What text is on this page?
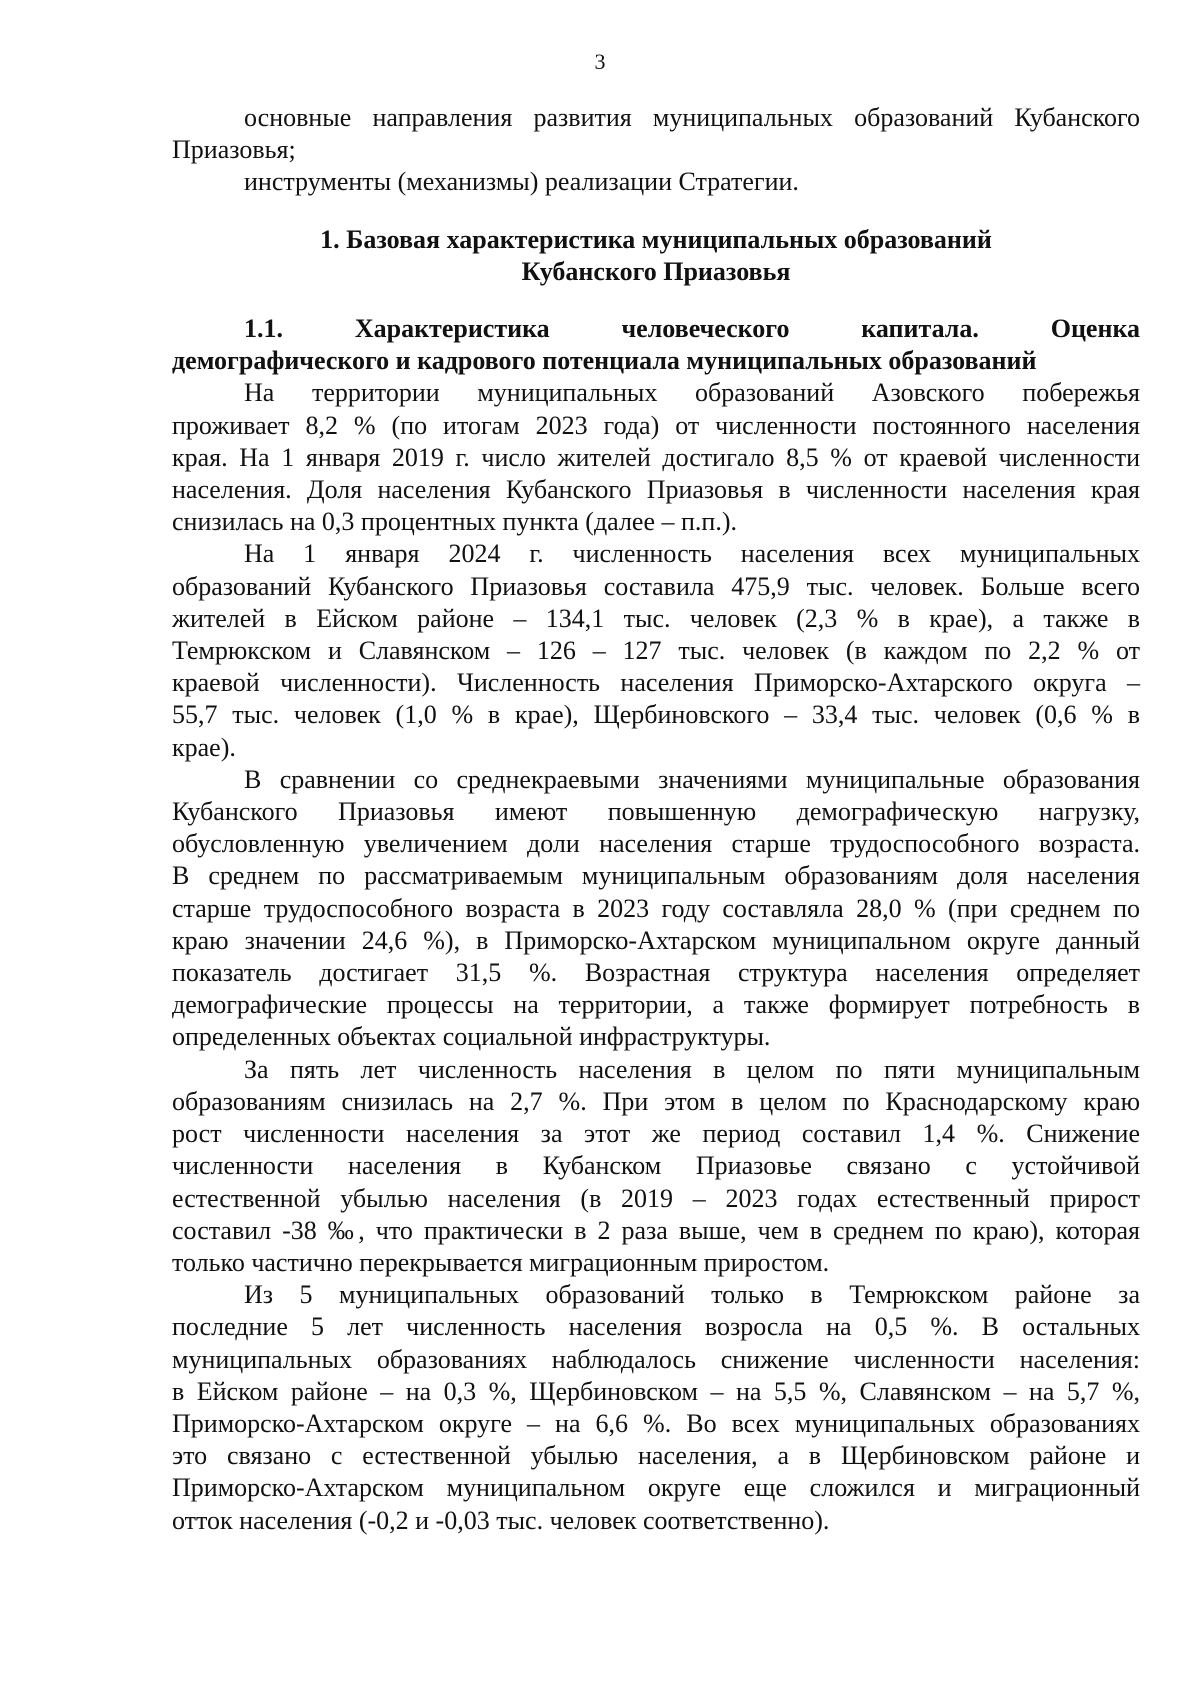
3
основные направления развития муниципальных образований Кубанского
Приазовья;
инструменты (механизмы) реализации Стратегии.
1. Базовая характеристика муниципальных образований
Кубанского Приазовья
1.1.	Характеристика	человеческого	капитала.	Оценка
демографического и кадрового потенциала муниципальных образований
На территории муниципальных образований Азовского побережья
проживает 8,2 % (по итогам 2023 года) от численности постоянного населения
края. На 1 января 2019 г. число жителей достигало 8,5 % от краевой численности
населения. Доля населения Кубанского Приазовья в численности населения края
снизилась на 0,3 процентных пункта (далее – п.п.).
На 1 января 2024 г. численность населения всех муниципальных
образований Кубанского Приазовья составила 475,9 тыс. человек. Больше всего
жителей в Ейском районе – 134,1 тыс. человек (2,3 % в крае), а также в
Темрюкском и Славянском – 126 – 127 тыс. человек (в каждом по 2,2 % от
краевой численности). Численность населения Приморско-Ахтарского округа –
55,7 тыс. человек (1,0 % в крае), Щербиновского – 33,4 тыс. человек (0,6 % в
крае).
В сравнении со среднекраевыми значениями муниципальные образования
Кубанского Приазовья имеют повышенную демографическую нагрузку,
обусловленную увеличением доли населения старше трудоспособного возраста.
В среднем по рассматриваемым муниципальным образованиям доля населения
старше трудоспособного возраста в 2023 году составляла 28,0 % (при среднем по
краю значении 24,6 %), в Приморско-Ахтарском муниципальном округе данный
показатель достигает 31,5 %. Возрастная структура населения определяет
демографические процессы на территории, а также формирует потребность в
определенных объектах социальной инфраструктуры.
За пять лет численность населения в целом по пяти муниципальным
образованиям снизилась на 2,7 %. При этом в целом по Краснодарскому краю
рост численности населения за этот же период составил 1,4 %. Снижение
численности населения в Кубанском Приазовье связано с устойчивой
естественной убылью населения (в 2019 – 2023 годах естественный прирост
составил -38 ‰, что практически в 2 раза выше, чем в среднем по краю), которая
только частично перекрывается миграционным приростом.
Из 5 муниципальных образований только в Темрюкском районе за
последние 5 лет численность населения возросла на 0,5 %. В остальных
муниципальных образованиях наблюдалось снижение численности населения:
в Ейском районе – на 0,3 %, Щербиновском – на 5,5 %, Славянском – на 5,7 %,
Приморско-Ахтарском округе – на 6,6 %. Во всех муниципальных образованиях
это связано с естественной убылью населения, а в Щербиновском районе и
Приморско-Ахтарском муниципальном округе еще сложился и миграционный
отток населения (-0,2 и -0,03 тыс. человек соответственно).
